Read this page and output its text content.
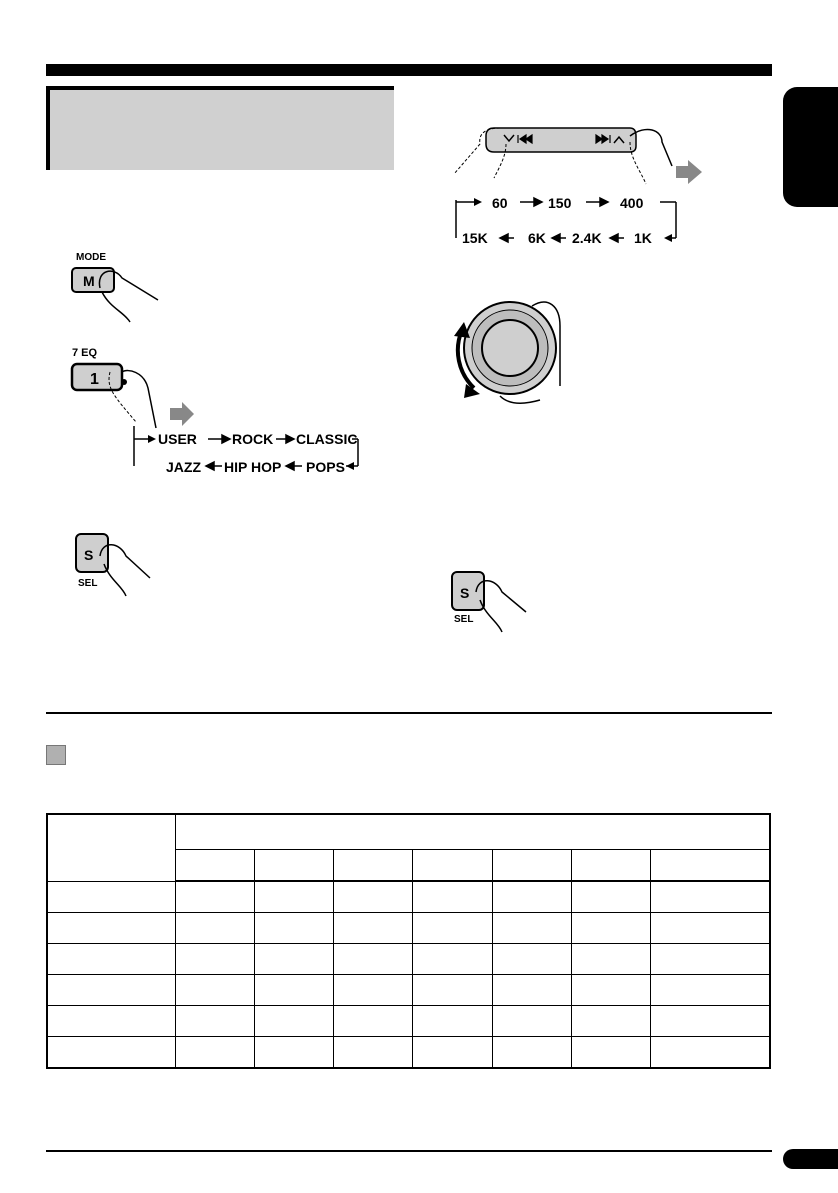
MODE
M
7 EQ
1
USER	ROCK CLASSIC
JAZZ HIP HOP POPS
S
SEL
60	150	400
15K	6K 2.4K 1K
S
SEL
